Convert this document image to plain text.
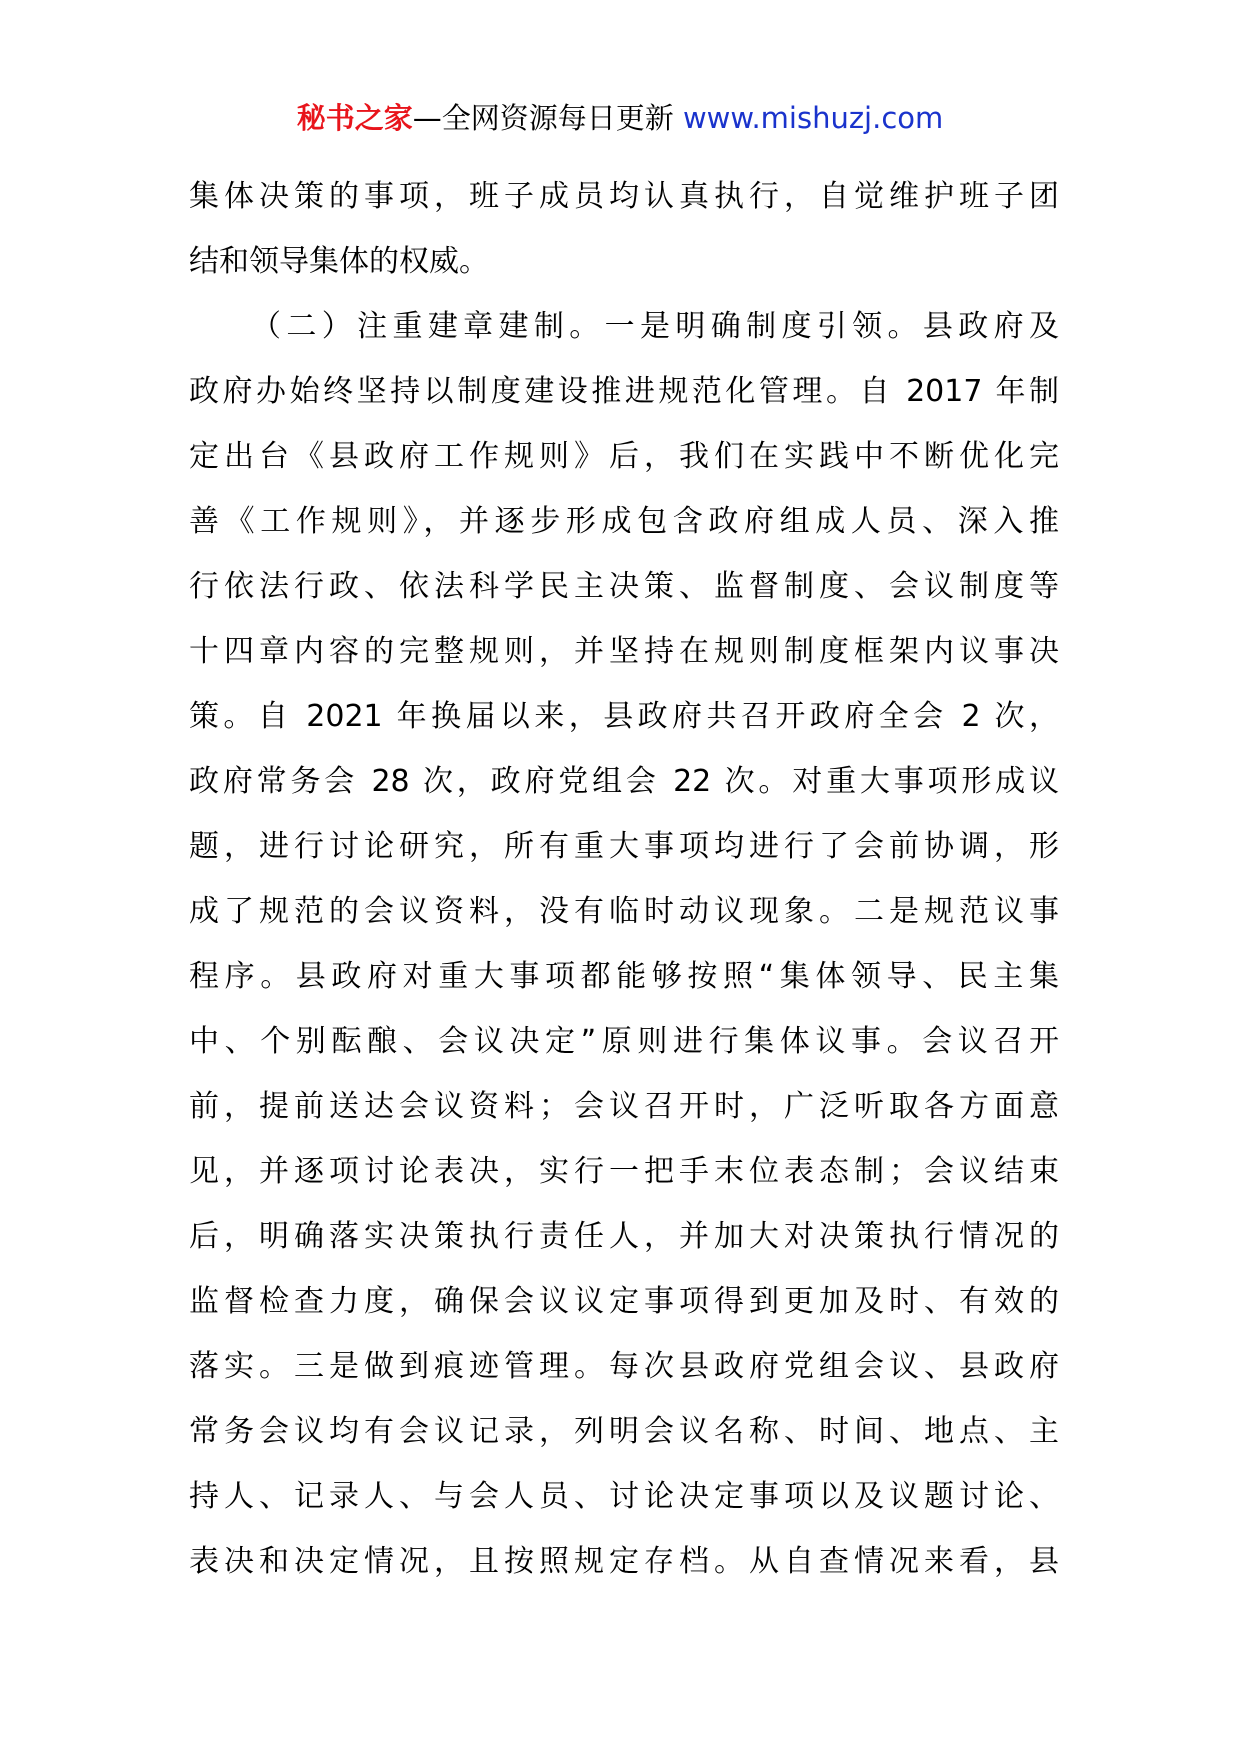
秘书之家—全网资源每日更新 www.mishuzj.com
集体决策的事项，班子成员均认真执行，自觉维护班子团
结和领导集体的权威。
（二）注重建章建制。一是明确制度引领。县政府及
政府办始终坚持以制度建设推进规范化管理。自 2017 年制
定出台《县政府工作规则》后，我们在实践中不断优化完
善《工作规则》，并逐步形成包含政府组成人员、深入推
行依法行政、依法科学民主决策、监督制度、会议制度等
十四章内容的完整规则，并坚持在规则制度框架内议事决
策。自 2021 年换届以来，县政府共召开政府全会 2 次，
政府常务会 28 次，政府党组会 22 次。对重大事项形成议
题，进行讨论研究，所有重大事项均进行了会前协调，形
成了规范的会议资料，没有临时动议现象。二是规范议事
程序。县政府对重大事项都能够按照“集体领导、民主集
中、个别酝酿、会议决定”原则进行集体议事。会议召开
前，提前送达会议资料；会议召开时，广泛听取各方面意
见，并逐项讨论表决，实行一把手末位表态制；会议结束
后，明确落实决策执行责任人，并加大对决策执行情况的
监督检查力度，确保会议议定事项得到更加及时、有效的
落实。三是做到痕迹管理。每次县政府党组会议、县政府
常务会议均有会议记录，列明会议名称、时间、地点、主
持人、记录人、与会人员、讨论决定事项以及议题讨论、
表决和决定情况，且按照规定存档。从自查情况来看，县
